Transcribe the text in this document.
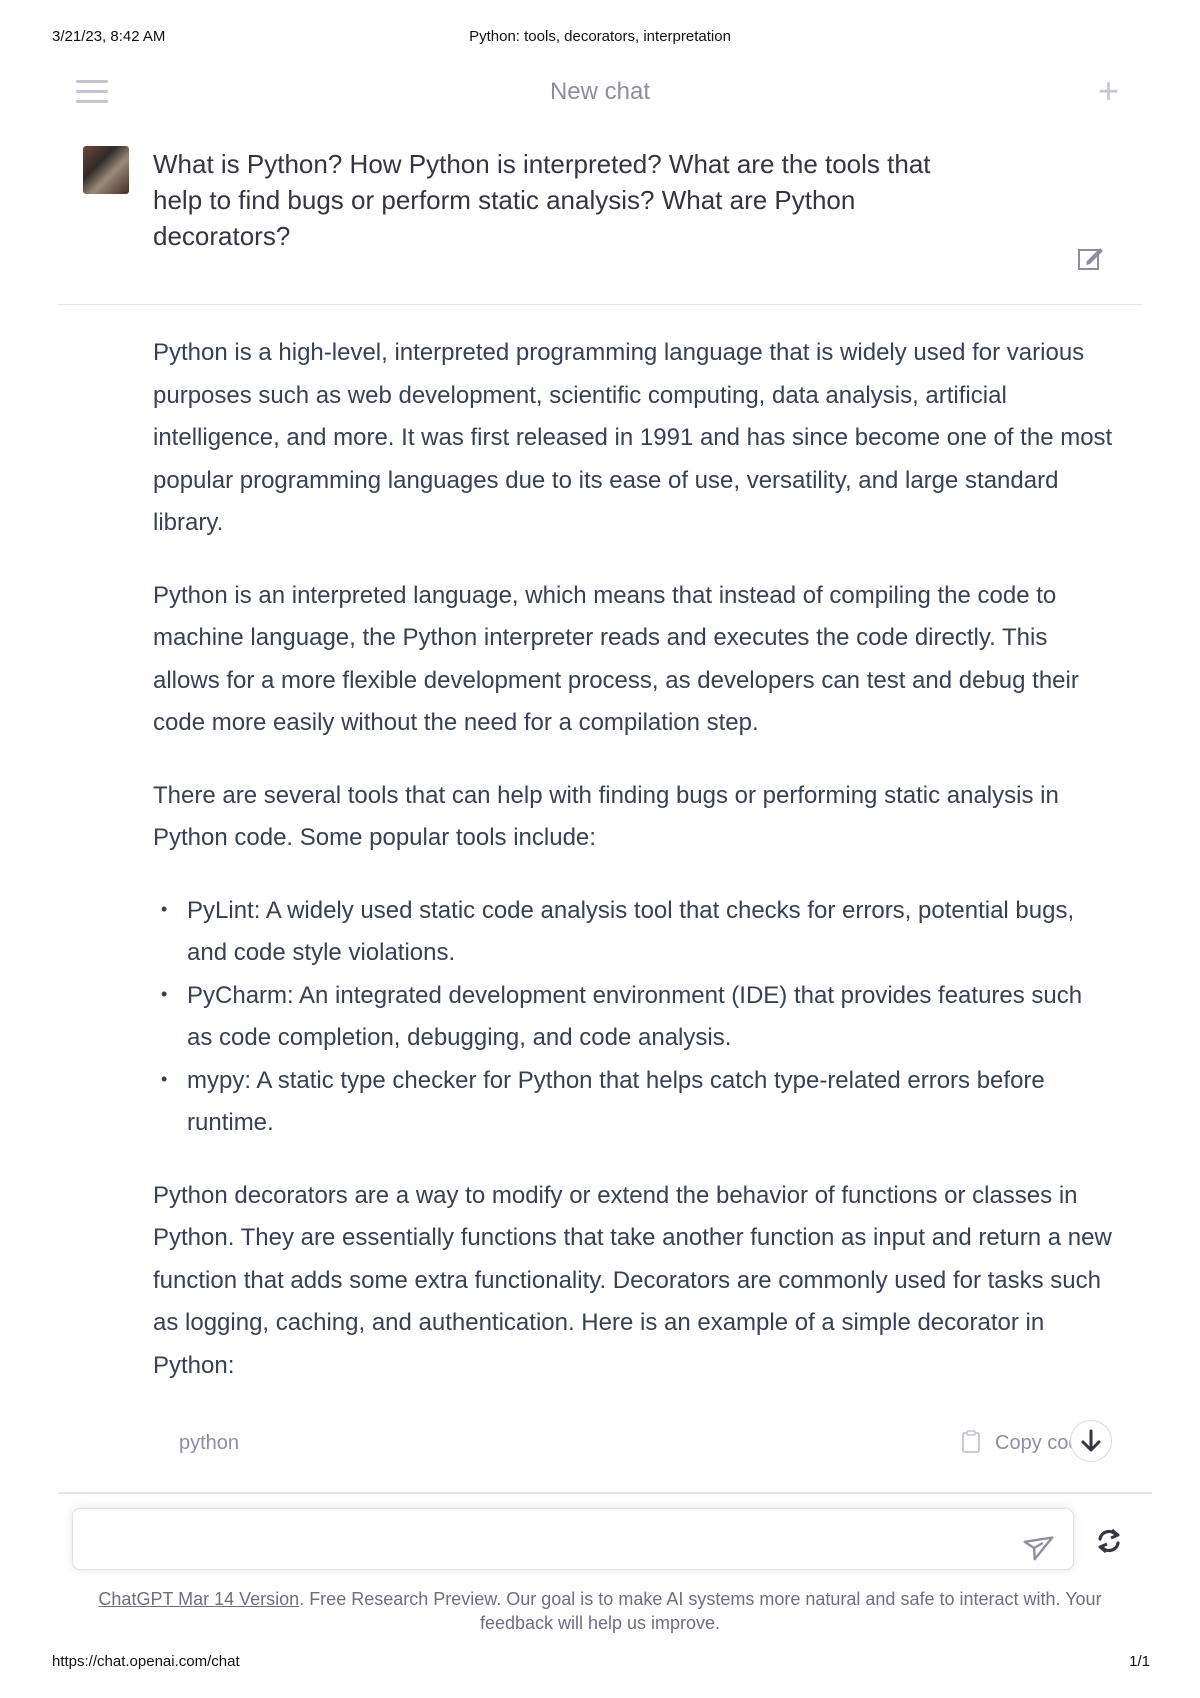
3/21/23, 8:42 AM	Python: tools, decorators, interpretation
New chat	+
What is Python? How Python is interpreted? What are the tools that help to find bugs or perform static analysis? What are Python decorators?

Python is a high-level, interpreted programming language that is widely used for various purposes such as web development, scientific computing, data analysis, artificial intelligence, and more. It was first released in 1991 and has since become one of the most popular programming languages due to its ease of use, versatility, and large standard library.

Python is an interpreted language, which means that instead of compiling the code to machine language, the Python interpreter reads and executes the code directly. This allows for a more flexible development process, as developers can test and debug their code more easily without the need for a compilation step.

There are several tools that can help with finding bugs or performing static analysis in Python code. Some popular tools include:

• PyLint: A widely used static code analysis tool that checks for errors, potential bugs, and code style violations.
• PyCharm: An integrated development environment (IDE) that provides features such as code completion, debugging, and code analysis.
• mypy: A static type checker for Python that helps catch type-related errors before runtime.

Python decorators are a way to modify or extend the behavior of functions or classes in Python. They are essentially functions that take another function as input and return a new function that adds some extra functionality. Decorators are commonly used for tasks such as logging, caching, and authentication. Here is an example of a simple decorator in Python:

python	Copy code
ChatGPT Mar 14 Version. Free Research Preview. Our goal is to make AI systems more natural and safe to interact with. Your feedback will help us improve.
https://chat.openai.com/chat	1/1
